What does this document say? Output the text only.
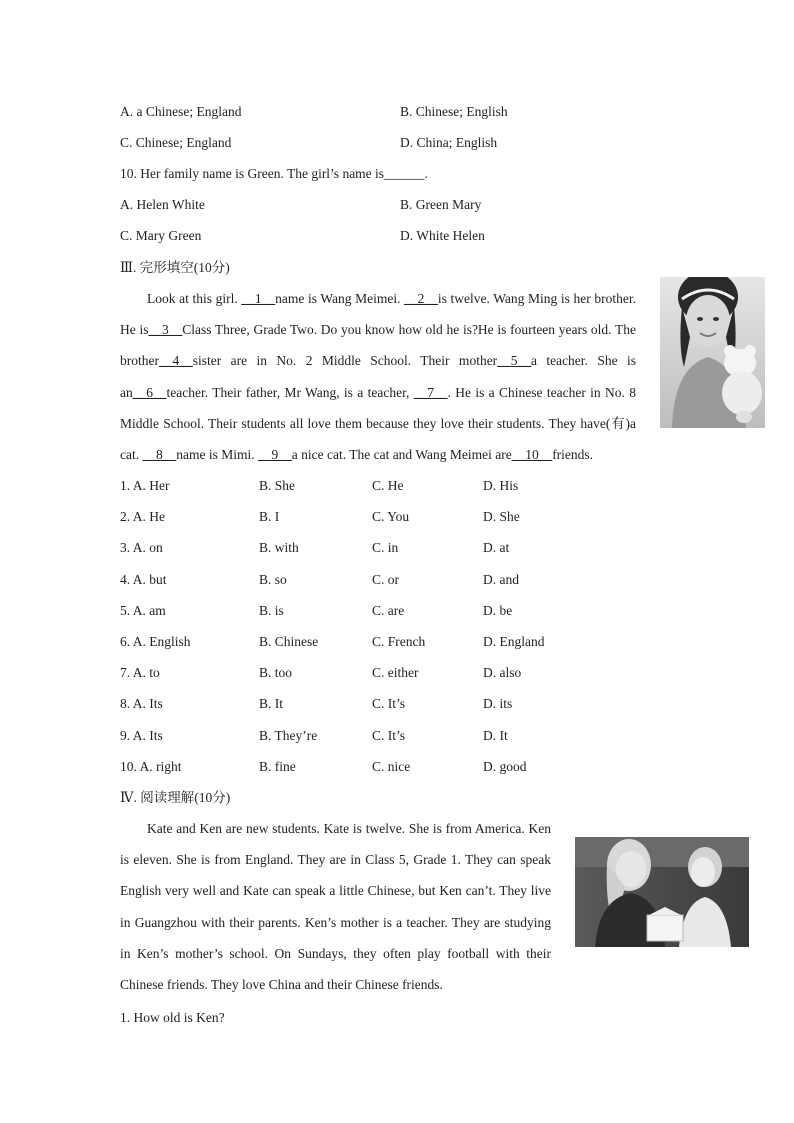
A. a Chinese; England	B. Chinese; English
C. Chinese; England	D. China; English
10. Her family name is Green. The girl’s name is______.
A. Helen White	B. Green Mary
C. Mary Green	D. White Helen
Ⅲ. 完形填空(10分)
Look at this girl. __1__name is Wang Meimei. __2__is twelve. Wang Ming is her brother. He is__3__Class Three, Grade Two. Do you know how old he is?He is fourteen years old. The brother__4__sister are in No. 2 Middle School. Their mother__5__a teacher. She is an__6__teacher. Their father, Mr Wang, is a teacher, __7__. He is a Chinese teacher in No. 8 Middle School. Their students all love them because they love their students. They have(有)a cat. __8__name is Mimi. __9__a nice cat. The cat and Wang Meimei are__10__friends.
1. A. Her	B. She	C. He	D. His
2. A. He	B. I	C. You	D. She
3. A. on	B. with	C. in	D. at
4. A. but	B. so	C. or	D. and
5. A. am	B. is	C. are	D. be
6. A. English	B. Chinese	C. French	D. England
7. A. to	B. too	C. either	D. also
8. A. Its	B. It	C. It’s	D. its
9. A. Its	B. They’re	C. It’s	D. It
10. A. right	B. fine	C. nice	D. good
Ⅳ. 阅读理解(10分)
Kate and Ken are new students. Kate is twelve. She is from America. Ken is eleven. She is from England. They are in Class 5, Grade 1. They can speak English very well and Kate can speak a little Chinese, but Ken can’t. They live in Guangzhou with their parents. Ken’s mother is a teacher. They are studying in Ken’s mother’s school. On Sundays, they often play football with their Chinese friends. They love China and their Chinese friends.
1. How old is Ken?
